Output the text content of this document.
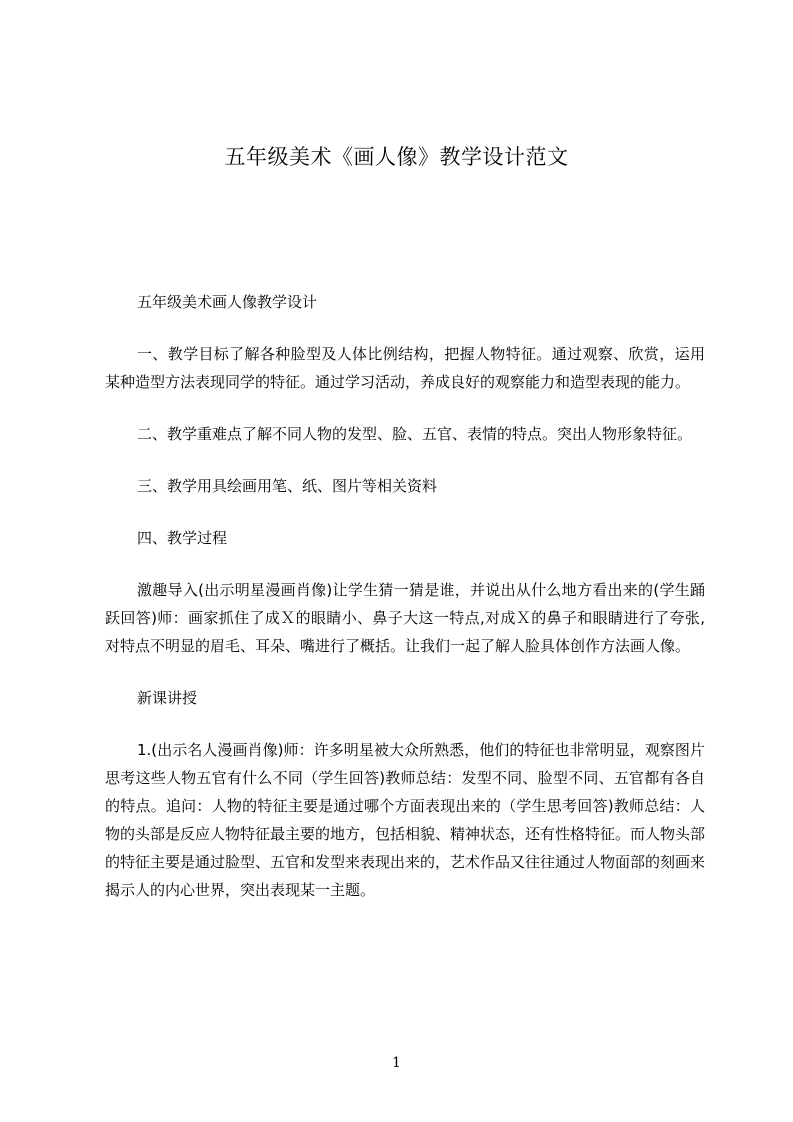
五年级美术《画人像》教学设计范文

五年级美术画人像教学设计

一、教学目标了解各种脸型及人体比例结构，把握人物特征。通过观察、欣赏，运用某种造型方法表现同学的特征。通过学习活动，养成良好的观察能力和造型表现的能力。

二、教学重难点了解不同人物的发型、脸、五官、表情的特点。突出人物形象特征。

三、教学用具绘画用笔、纸、图片等相关资料

四、教学过程

激趣导入(出示明星漫画肖像)让学生猜一猜是谁，并说出从什么地方看出来的(学生踊跃回答)师：画家抓住了成Ｘ的眼睛小、鼻子大这一特点,对成Ｘ的鼻子和眼睛进行了夸张,对特点不明显的眉毛、耳朵、嘴进行了概括。让我们一起了解人脸具体创作方法画人像。

新课讲授

1.(出示名人漫画肖像)师：许多明星被大众所熟悉，他们的特征也非常明显，观察图片思考这些人物五官有什么不同（学生回答)教师总结：发型不同、脸型不同、五官都有各自的特点。追问：人物的特征主要是通过哪个方面表现出来的（学生思考回答)教师总结：人物的头部是反应人物特征最主要的地方，包括相貌、精神状态，还有性格特征。而人物头部的特征主要是通过脸型、五官和发型来表现出来的，艺术作品又往往通过人物面部的刻画来揭示人的内心世界，突出表现某一主题。

1
